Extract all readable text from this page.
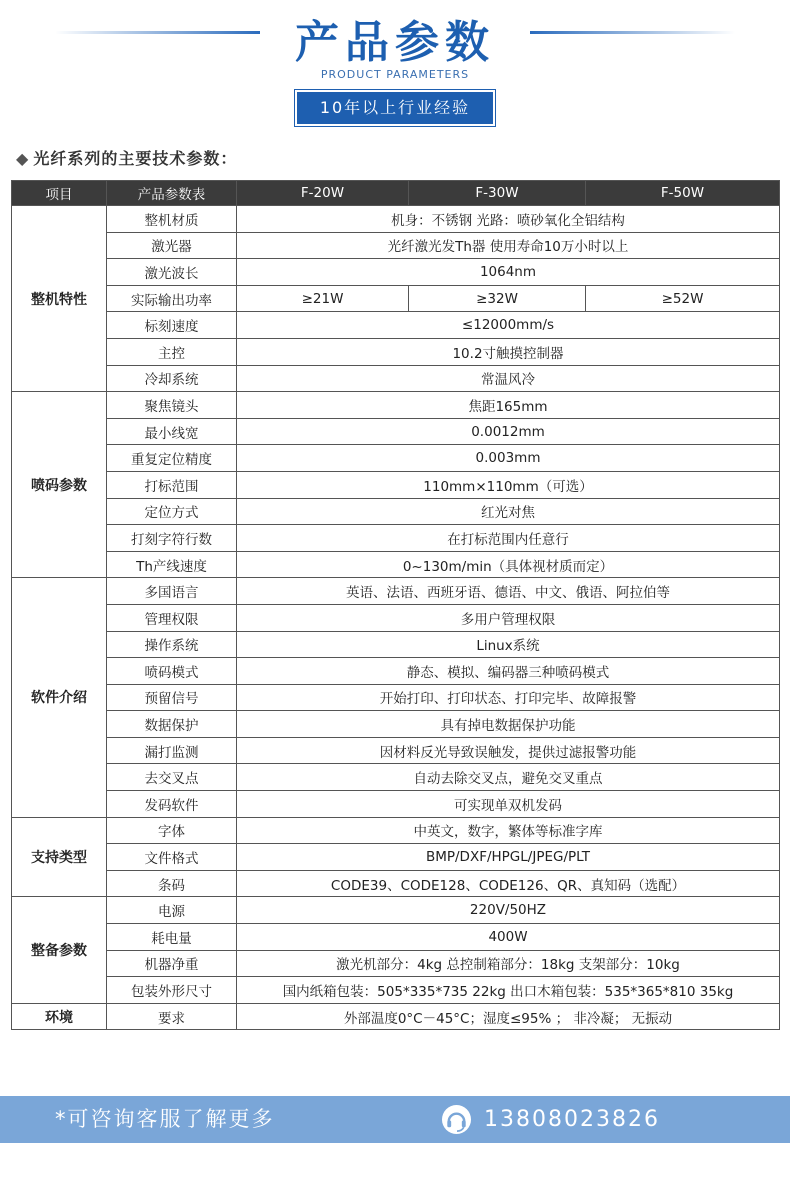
产品参数
PRODUCT PARAMETERS
10年以上行业经验
◆ 光纤系列的主要技术参数：
项目	产品参数表	F-20W	F-30W	F-50W
整机特性	整机材质	机身：不锈钢 光路：喷砂氧化全铝结构		
	激光器	光纤激光发Th器 使用寿命10万小时以上		
	激光波长	1064nm		
	实际输出功率	≥21W	≥32W	≥52W
	标刻速度	≤12000mm/s		
	主控	10.2寸触摸控制器		
	冷却系统	常温风冷		
喷码参数	聚焦镜头	焦距165mm		
	最小线宽	0.0012mm		
	重复定位精度	0.003mm		
	打标范围	110mm×110mm（可选）		
	定位方式	红光对焦		
	打刻字符行数	在打标范围内任意行		
	Th产线速度	0~130m/min（具体视材质而定）		
软件介绍	多国语言	英语、法语、西班牙语、德语、中文、俄语、阿拉伯等		
	管理权限	多用户管理权限		
	操作系统	Linux系统		
	喷码模式	静态、模拟、编码器三种喷码模式		
	预留信号	开始打印、打印状态、打印完毕、故障报警		
	数据保护	具有掉电数据保护功能		
	漏打监测	因材料反光导致误触发，提供过滤报警功能		
	去交叉点	自动去除交叉点，避免交叉重点		
	发码软件	可实现单双机发码		
支持类型	字体	中英文，数字，繁体等标准字库		
	文件格式	BMP/DXF/HPGL/JPEG/PLT		
	条码	CODE39、CODE128、CODE126、QR、真知码（选配）		
整备参数	电源	220V/50HZ		
	耗电量	400W		
	机器净重	激光机部分：4kg 总控制箱部分：18kg 支架部分：10kg		
	包装外形尺寸	国内纸箱包装：505*335*735 22kg 出口木箱包装：535*365*810 35kg		
环境	要求	外部温度0°C－45°C；湿度≤95% ； 非冷凝； 无振动		
*可咨询客服了解更多	13808023826
